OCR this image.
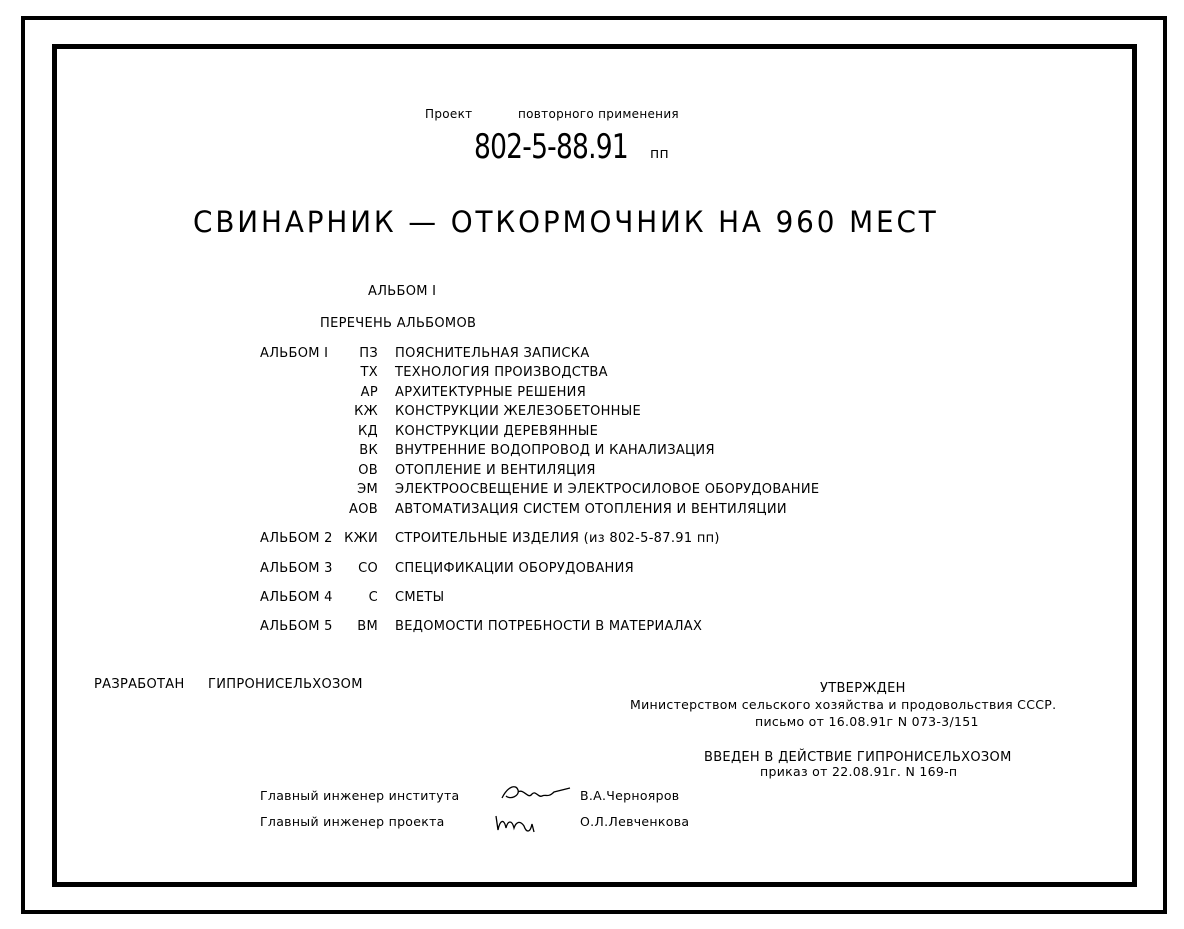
Проект	повторного применения
802-5-88.91 пп
СВИНАРНИК — ОТКОРМОЧНИК НА 960 МЕСТ
АЛЬБОМ I
ПЕРЕЧЕНЬ АЛЬБОМОВ
АЛЬБОМ I	ПЗ ПОЯСНИТЕЛЬНАЯ ЗАПИСКА
ТХ ТЕХНОЛОГИЯ ПРОИЗВОДСТВА
АР АРХИТЕКТУРНЫЕ РЕШЕНИЯ
КЖ КОНСТРУКЦИИ ЖЕЛЕЗОБЕТОННЫЕ
КД КОНСТРУКЦИИ ДЕРЕВЯННЫЕ
ВК ВНУТРЕННИЕ ВОДОПРОВОД И КАНАЛИЗАЦИЯ
ОВ ОТОПЛЕНИЕ И ВЕНТИЛЯЦИЯ
ЭМ ЭЛЕКТРООСВЕЩЕНИЕ И ЭЛЕКТРОСИЛОВОЕ ОБОРУДОВАНИЕ
АОВ АВТОМАТИЗАЦИЯ СИСТЕМ ОТОПЛЕНИЯ И ВЕНТИЛЯЦИИ
АЛЬБОМ 2 КЖИ СТРОИТЕЛЬНЫЕ ИЗДЕЛИЯ (из 802-5-87.91 пп)
АЛЬБОМ 3	СО СПЕЦИФИКАЦИИ ОБОРУДОВАНИЯ
АЛЬБОМ 4	С СМЕТЫ
АЛЬБОМ 5	ВМ ВЕДОМОСТИ ПОТРЕБНОСТИ В МАТЕРИАЛАХ
РАЗРАБОТАН ГИПРОНИСЕЛЬХОЗОМ	УТВЕРЖДЕН
Министерством сельского хозяйства и продовольствия СССР.
письмо от 16.08.91г N 073-3/151
ВВЕДЕН В ДЕЙСТВИЕ ГИПРОНИСЕЛЬХОЗОМ
приказ от 22.08.91г. N 169-п
Главный инженер института	В.А.Чернояров
Главный инженер проекта	О.Л.Левченкова
